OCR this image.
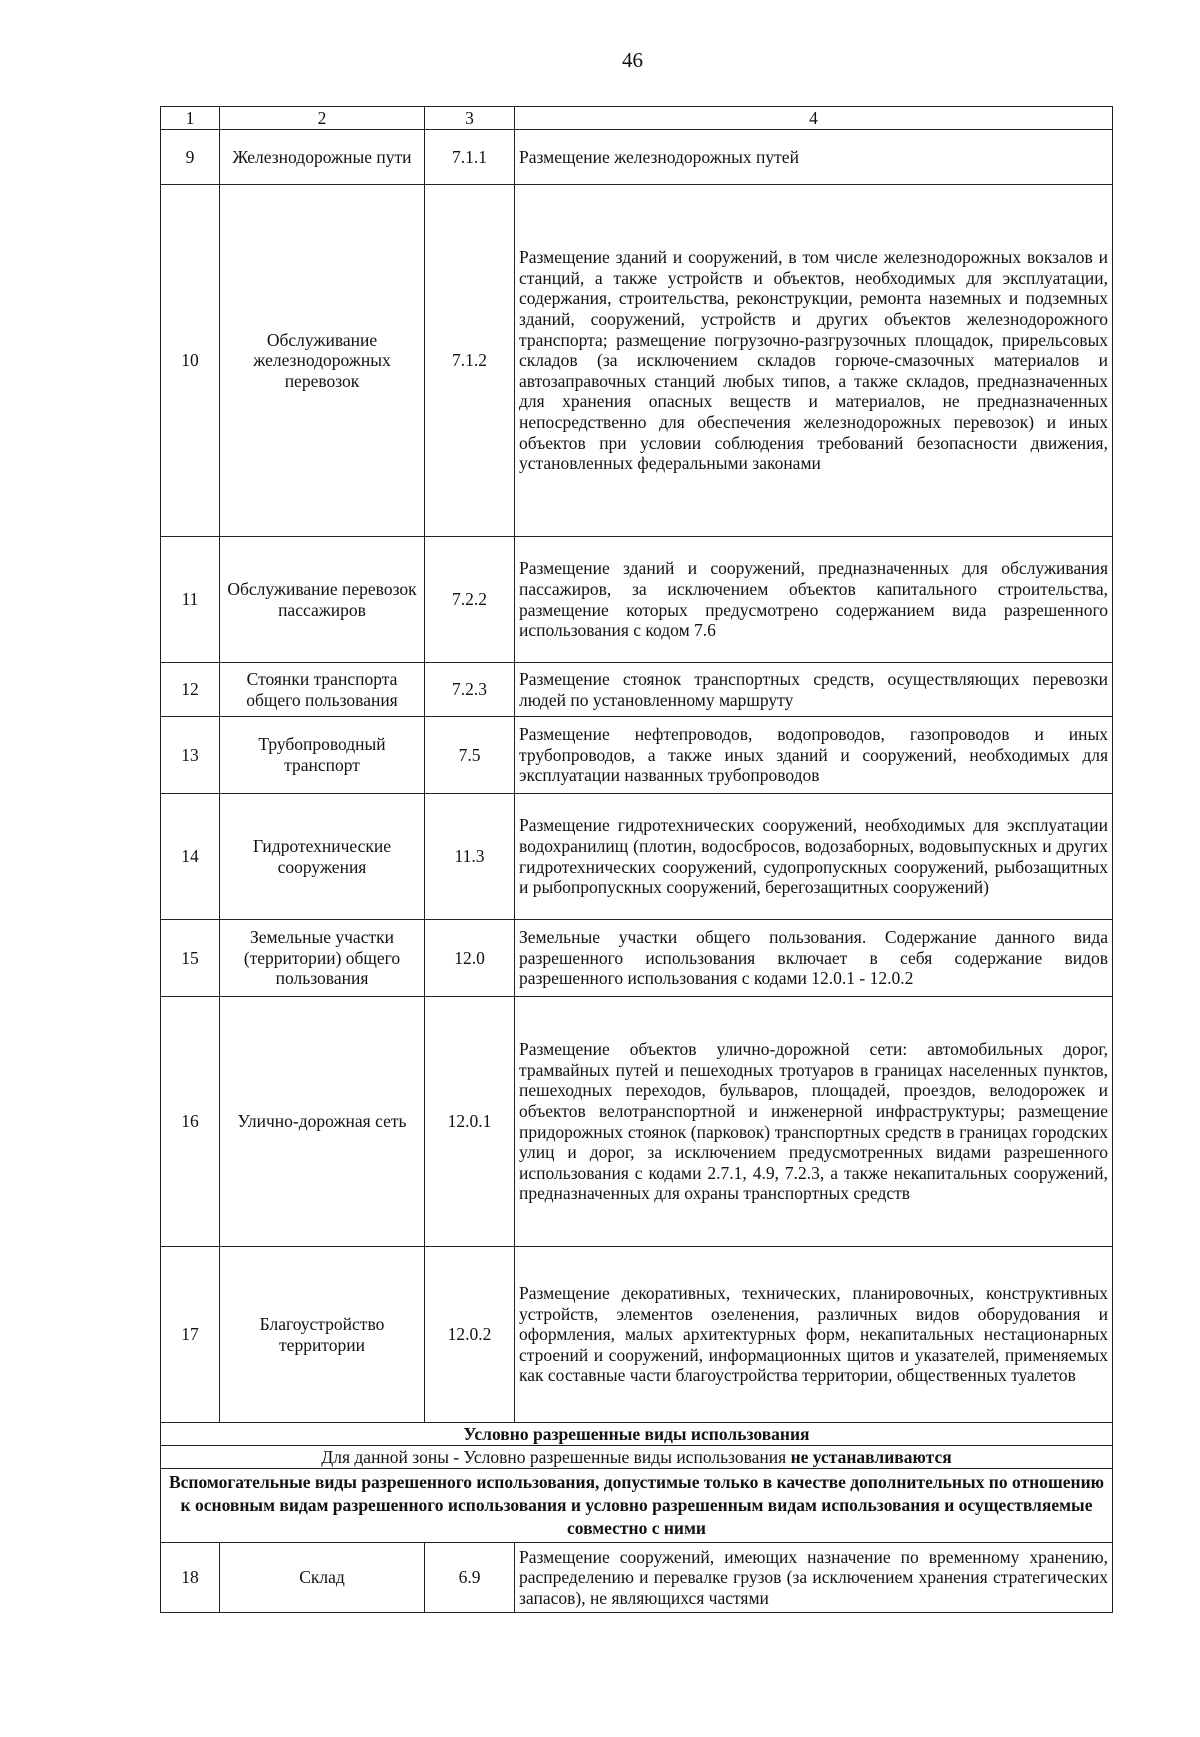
46
1	2	3	4
9	Железнодорожные пути	7.1.1	Размещение железнодорожных путей
10	Обслуживание железнодорожных перевозок	7.1.2	Размещение зданий и сооружений, в том числе железнодорожных вокзалов и станций, а также устройств и объектов, необходимых для эксплуатации, содержания, строительства, реконструкции, ремонта наземных и подземных зданий, сооружений, устройств и других объектов железнодорожного транспорта; размещение погрузочно-разгрузочных площадок, прирельсовых складов (за исключением складов горюче-смазочных материалов и автозаправочных станций любых типов, а также складов, предназначенных для хранения опасных веществ и материалов, не предназначенных непосредственно для обеспечения железнодорожных перевозок) и иных объектов при условии соблюдения требований безопасности движения, установленных федеральными законами
11	Обслуживание перевозок пассажиров	7.2.2	Размещение зданий и сооружений, предназначенных для обслуживания пассажиров, за исключением объектов капитального строительства, размещение которых предусмотрено содержанием вида разрешенного использования с кодом 7.6
12	Стоянки транспорта общего пользования	7.2.3	Размещение стоянок транспортных средств, осуществляющих перевозки людей по установленному маршруту
13	Трубопроводный транспорт	7.5	Размещение нефтепроводов, водопроводов, газопроводов и иных трубопроводов, а также иных зданий и сооружений, необходимых для эксплуатации названных трубопроводов
14	Гидротехнические сооружения	11.3	Размещение гидротехнических сооружений, необходимых для эксплуатации водохранилищ (плотин, водосбросов, водозаборных, водовыпускных и других гидротехнических сооружений, судопропускных сооружений, рыбозащитных и рыбопропускных сооружений, берегозащитных сооружений)
15	Земельные участки (территории) общего пользования	12.0	Земельные участки общего пользования. Содержание данного вида разрешенного использования включает в себя содержание видов разрешенного использования с кодами 12.0.1 - 12.0.2
16	Улично-дорожная сеть	12.0.1	Размещение объектов улично-дорожной сети: автомобильных дорог, трамвайных путей и пешеходных тротуаров в границах населенных пунктов, пешеходных переходов, бульваров, площадей, проездов, велодорожек и объектов велотранспортной и инженерной инфраструктуры; размещение придорожных стоянок (парковок) транспортных средств в границах городских улиц и дорог, за исключением предусмотренных видами разрешенного использования с кодами 2.7.1, 4.9, 7.2.3, а также некапитальных сооружений, предназначенных для охраны транспортных средств
17	Благоустройство территории	12.0.2	Размещение декоративных, технических, планировочных, конструктивных устройств, элементов озеленения, различных видов оборудования и оформления, малых архитектурных форм, некапитальных нестационарных строений и сооружений, информационных щитов и указателей, применяемых как составные части благоустройства территории, общественных туалетов
Условно разрешенные виды использования			
Для данной зоны - Условно разрешенные виды использования не устанавливаются			
Вспомогательные виды разрешенного использования, допустимые только в качестве дополнительных по отношению к основным видам разрешенного использования и условно разрешенным видам использования и осуществляемые совместно с ними			
18	Склад	6.9	Размещение сооружений, имеющих назначение по временному хранению, распределению и перевалке грузов (за исключением хранения стратегических запасов), не являющихся частями
